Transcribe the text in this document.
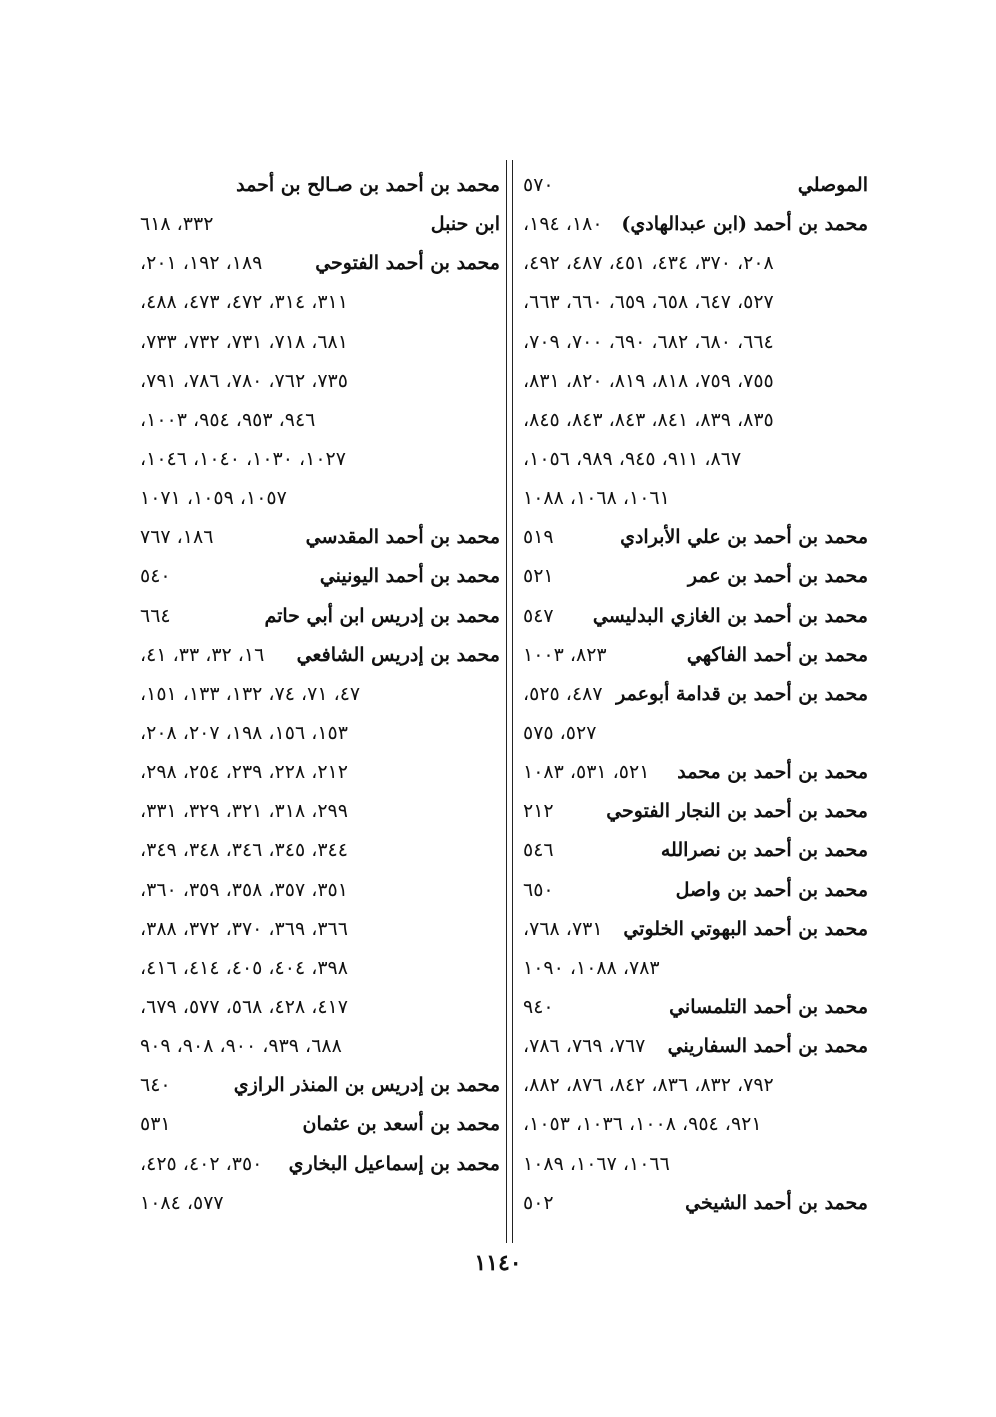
الموصلي
٥٧٠
محمد بن أحمد (ابن عبدالهادي)
١٨٠، ١٩٤،
٢٠٨، ٣٧٠، ٤٣٤، ٤٥١، ٤٨٧، ٤٩٢،
٥٢٧، ٦٤٧، ٦٥٨، ٦٥٩، ٦٦٠، ٦٦٣،
٦٦٤، ٦٨٠، ٦٨٢، ٦٩٠، ٧٠٠، ٧٠٩،
٧٥٥، ٧٥٩، ٨١٨، ٨١٩، ٨٢٠، ٨٣١،
٨٣٥، ٨٣٩، ٨٤١، ٨٤٣، ٨٤٣، ٨٤٥،
٨٦٧، ٩١١، ٩٤٥، ٩٨٩، ١٠٥٦،
١٠٦١، ١٠٦٨، ١٠٨٨
محمد بن أحمد بن علي الأبرادي
٥١٩
محمد بن أحمد بن عمر
٥٢١
محمد بن أحمد بن الغازي البدليسي
٥٤٧
محمد بن أحمد الفاكهي
٨٢٣، ١٠٠٣
محمد بن أحمد بن قدامة أبوعمر
٤٨٧، ٥٢٥،
٥٢٧، ٥٧٥
محمد بن أحمد بن محمد
٥٢١، ٥٣١، ١٠٨٣
محمد بن أحمد بن النجار الفتوحي
٢١٢
محمد بن أحمد بن نصرالله
٥٤٦
محمد بن أحمد بن واصل
٦٥٠
محمد بن أحمد البهوتي الخلوتي
٧٣١، ٧٦٨،
٧٨٣، ١٠٨٨، ١٠٩٠
محمد بن أحمد التلمساني
٩٤٠
محمد بن أحمد السفاريني
٧٦٧، ٧٦٩، ٧٨٦،
٧٩٢، ٨٣٢، ٨٣٦، ٨٤٢، ٨٧٦، ٨٨٢،
٩٢١، ٩٥٤، ١٠٠٨، ١٠٣٦، ١٠٥٣،
١٠٦٦، ١٠٦٧، ١٠٨٩
محمد بن أحمد الشيخي
٥٠٢
محمد بن أحمد بن صـالح بن أحمد
ابن حنبل
٣٣٢، ٦١٨
محمد بن أحمد الفتوحي
١٨٩، ١٩٢، ٢٠١،
٣١١، ٣١٤، ٤٧٢، ٤٧٣، ٤٨٨،
٦٨١، ٧١٨، ٧٣١، ٧٣٢، ٧٣٣،
٧٣٥، ٧٦٢، ٧٨٠، ٧٨٦، ٧٩١،
٩٤٦، ٩٥٣، ٩٥٤، ١٠٠٣،
١٠٢٧، ١٠٣٠، ١٠٤٠، ١٠٤٦،
١٠٥٧، ١٠٥٩، ١٠٧١
محمد بن أحمد المقدسي
١٨٦، ٧٦٧
محمد بن أحمد اليونيني
٥٤٠
محمد بن إدريس ابن أبي حاتم
٦٦٤
محمد بن إدريس الشافعي
١٦، ٣٢، ٣٣، ٤١،
٤٧، ٧١، ٧٤، ١٣٢، ١٣٣، ١٥١،
١٥٣، ١٥٦، ١٩٨، ٢٠٧، ٢٠٨،
٢١٢، ٢٢٨، ٢٣٩، ٢٥٤، ٢٩٨،
٢٩٩، ٣١٨، ٣٢١، ٣٢٩، ٣٣١،
٣٤٤، ٣٤٥، ٣٤٦، ٣٤٨، ٣٤٩،
٣٥١، ٣٥٧، ٣٥٨، ٣٥٩، ٣٦٠،
٣٦٦، ٣٦٩، ٣٧٠، ٣٧٢، ٣٨٨،
٣٩٨، ٤٠٤، ٤٠٥، ٤١٤، ٤١٦،
٤١٧، ٤٢٨، ٥٦٨، ٥٧٧، ٦٧٩،
٦٨٨، ٩٣٩، ٩٠٠، ٩٠٨، ٩٠٩
محمد بن إدريس بن المنذر الرازي
٦٤٠
محمد بن أسعد بن عثمان
٥٣١
محمد بن إسماعيل البخاري
٣٥٠، ٤٠٢، ٤٢٥،
٥٧٧، ١٠٨٤
١١٤٠
